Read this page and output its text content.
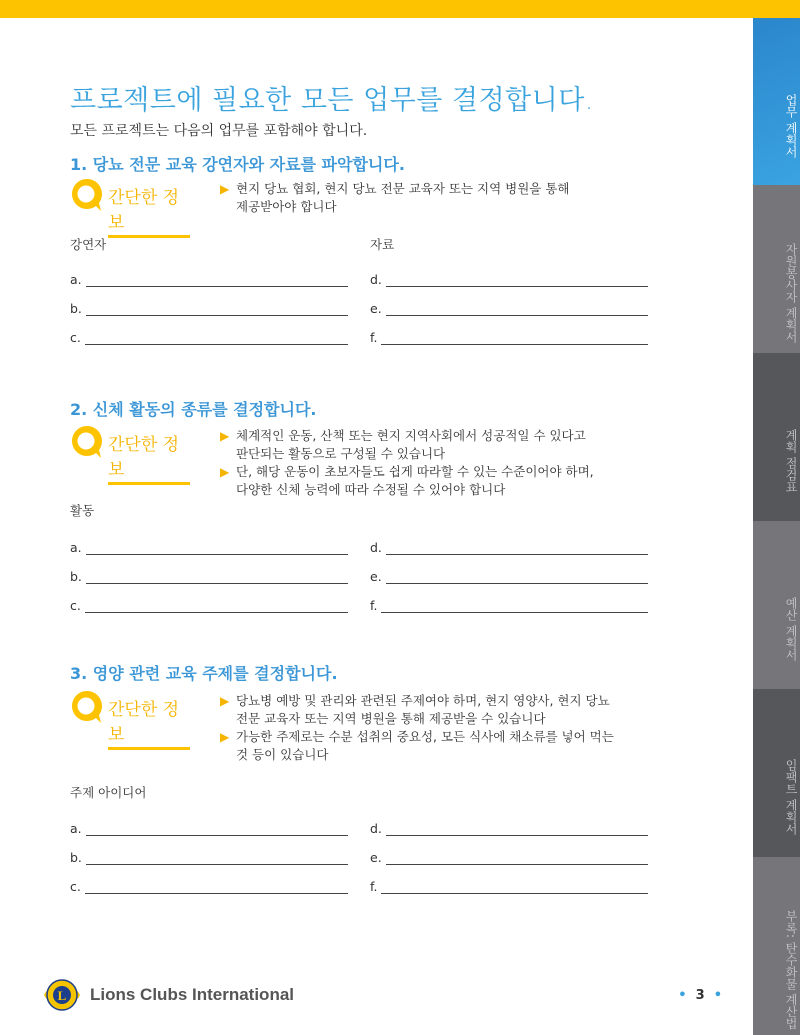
업무 계획서
자원봉사자 계획서
계획 점검표
예산 계획서
임팩트 계획서
부록: 탄수화물 계산법
프로젝트에 필요한 모든 업무를 결정합니다.
모든 프로젝트는 다음의 업무를 포함해야 합니다.
1. 당뇨 전문 교육 강연자와 자료를 파악합니다.
간단한 정보
▶ 현지 당뇨 협회, 현지 당뇨 전문 교육자 또는 지역 병원을 통해
제공받아야 합니다
강연자	자료
a.	d.
b.	e.
c.	f.
2. 신체 활동의 종류를 결정합니다.
간단한 정보
▶ 체계적인 운동, 산책 또는 현지 지역사회에서 성공적일 수 있다고
판단되는 활동으로 구성될 수 있습니다
▶ 단, 해당 운동이 초보자들도 쉽게 따라할 수 있는 수준이어야 하며,
다양한 신체 능력에 따라 수정될 수 있어야 합니다
활동
a.	d.
b.	e.
c.	f.
3. 영양 관련 교육 주제를 결정합니다.
간단한 정보
▶ 당뇨병 예방 및 관리와 관련된 주제여야 하며, 현지 영양사, 현지 당뇨
전문 교육자 또는 지역 병원을 통해 제공받을 수 있습니다
▶ 가능한 주제로는 수분 섭취의 중요성, 모든 식사에 채소류를 넣어 먹는
것 등이 있습니다
주제 아이디어
a.	d.
b.	e.
c.	f.
L Lions Clubs International	• 3 •
